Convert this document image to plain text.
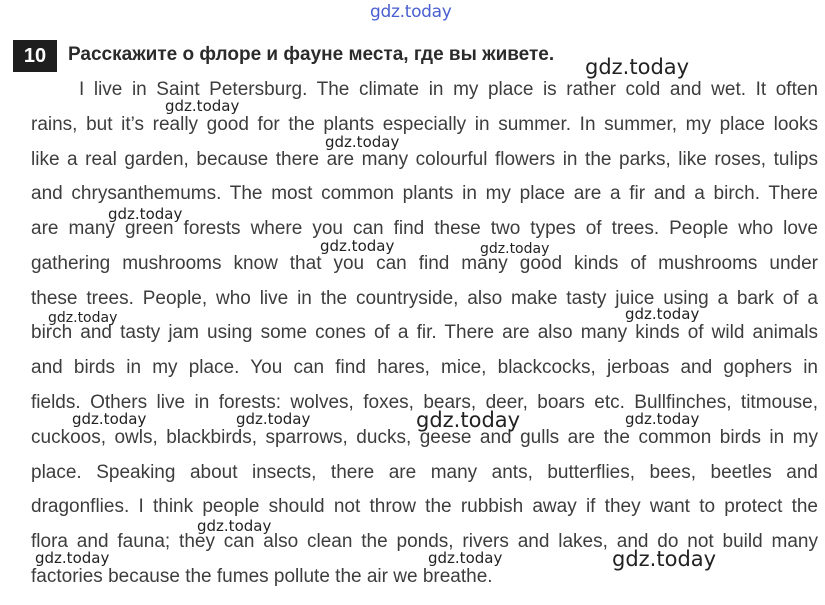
gdz.today
10	Расскажите о флоре и фауне места, где вы живете.
I live in Saint Petersburg. The climate in my place is rather cold and wet. It often
rains, but it’s really good for the plants especially in summer. In summer, my place looks
like a real garden, because there are many colourful flowers in the parks, like roses, tulips
and chrysanthemums. The most common plants in my place are a fir and a birch. There
are many green forests where you can find these two types of trees. People who love
gathering mushrooms know that you can find many good kinds of mushrooms under
these trees. People, who live in the countryside, also make tasty juice using a bark of a
birch and tasty jam using some cones of a fir. There are also many kinds of wild animals
and birds in my place. You can find hares, mice, blackcocks, jerboas and gophers in
fields. Others live in forests: wolves, foxes, bears, deer, boars etc. Bullfinches, titmouse,
cuckoos, owls, blackbirds, sparrows, ducks, geese and gulls are the common birds in my
place. Speaking about insects, there are many ants, butterflies, bees, beetles and
dragonflies. I think people should not throw the rubbish away if they want to protect the
flora and fauna; they can also clean the ponds, rivers and lakes, and do not build many
factories because the fumes pollute the air we breathe.
gdz.today
gdz.today
gdz.today
gdz.today
gdz.today	gdz.today
gdz.today	gdz.today
gdz.today	gdz.today	gdz.today	gdz.today
gdz.today
gdz.today	gdz.today	gdz.today
